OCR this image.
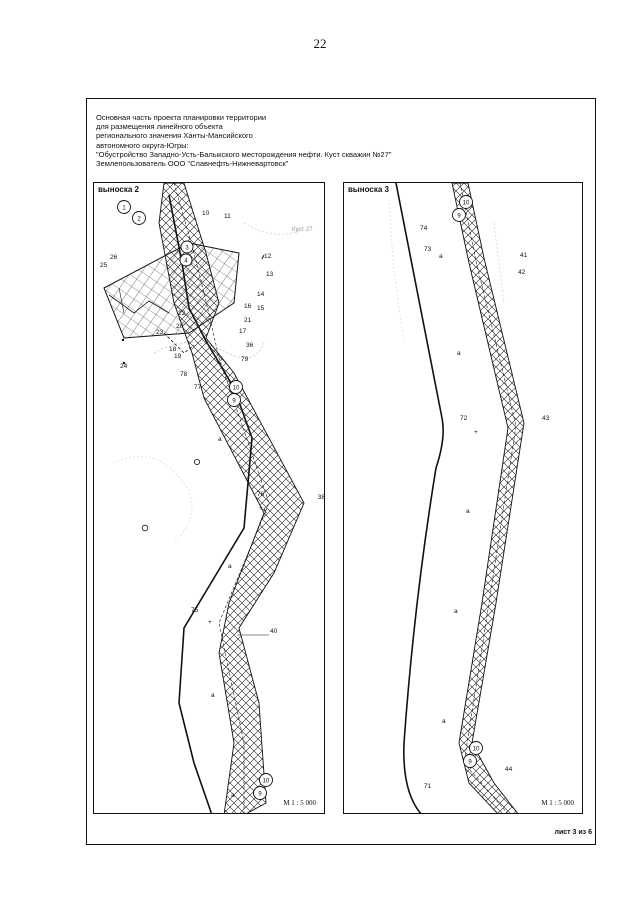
22
Основная часть проекта планировки территории
для размещения линейного объекта
регионального значения Ханты-Мансийского
автономного округа-Югры:
"Обустройство Западно-Усть-Балыкского месторождения нефти. Куст скважин №27"
Землепользователь ООО "Славнефть-Нижневартовск"
выноска 2
10 11
12
13
14
15
16
17
18
19
20
21
22
23
24
25
26
36
38
40
75
76
77
78
79
Куст 27
a
a
a
a
+
+
1
2
3
4
10
9
10
9
М 1 : 5 000
выноска 3
74
73
41
42
72	43
44
71
a
a
a
a
a
+
10
9
10
9
М 1 : 5 000
лист 3 из 6
